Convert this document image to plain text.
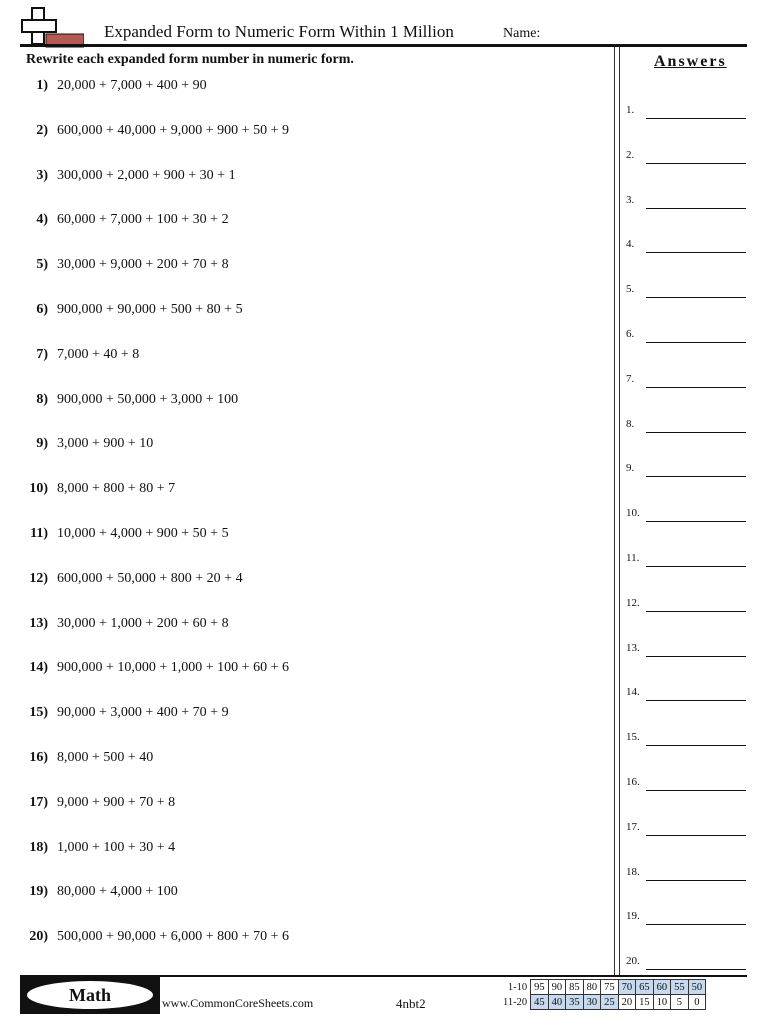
Expanded Form to Numeric Form Within 1 Million	Name:
Rewrite each expanded form number in numeric form.
1) 20,000 + 7,000 + 400 + 90
2) 600,000 + 40,000 + 9,000 + 900 + 50 + 9
3) 300,000 + 2,000 + 900 + 30 + 1
4) 60,000 + 7,000 + 100 + 30 + 2
5) 30,000 + 9,000 + 200 + 70 + 8
6) 900,000 + 90,000 + 500 + 80 + 5
7) 7,000 + 40 + 8
8) 900,000 + 50,000 + 3,000 + 100
9) 3,000 + 900 + 10
10) 8,000 + 800 + 80 + 7
11) 10,000 + 4,000 + 900 + 50 + 5
12) 600,000 + 50,000 + 800 + 20 + 4
13) 30,000 + 1,000 + 200 + 60 + 8
14) 900,000 + 10,000 + 1,000 + 100 + 60 + 6
15) 90,000 + 3,000 + 400 + 70 + 9
16) 8,000 + 500 + 40
17) 9,000 + 900 + 70 + 8
18) 1,000 + 100 + 30 + 4
19) 80,000 + 4,000 + 100
20) 500,000 + 90,000 + 6,000 + 800 + 70 + 6
Answers
1.
2.
3.
4.
5.
6.
7.
8.
9.
10.
11.
12.
13.
14.
15.
16.
17.
18.
19.
20.
Math	www.CommonCoreSheets.com	4nbt2
1-10	95	90	85	80	75	70	65	60	55	50
11-20	45	40	35	30	25	20	15	10	5	0
